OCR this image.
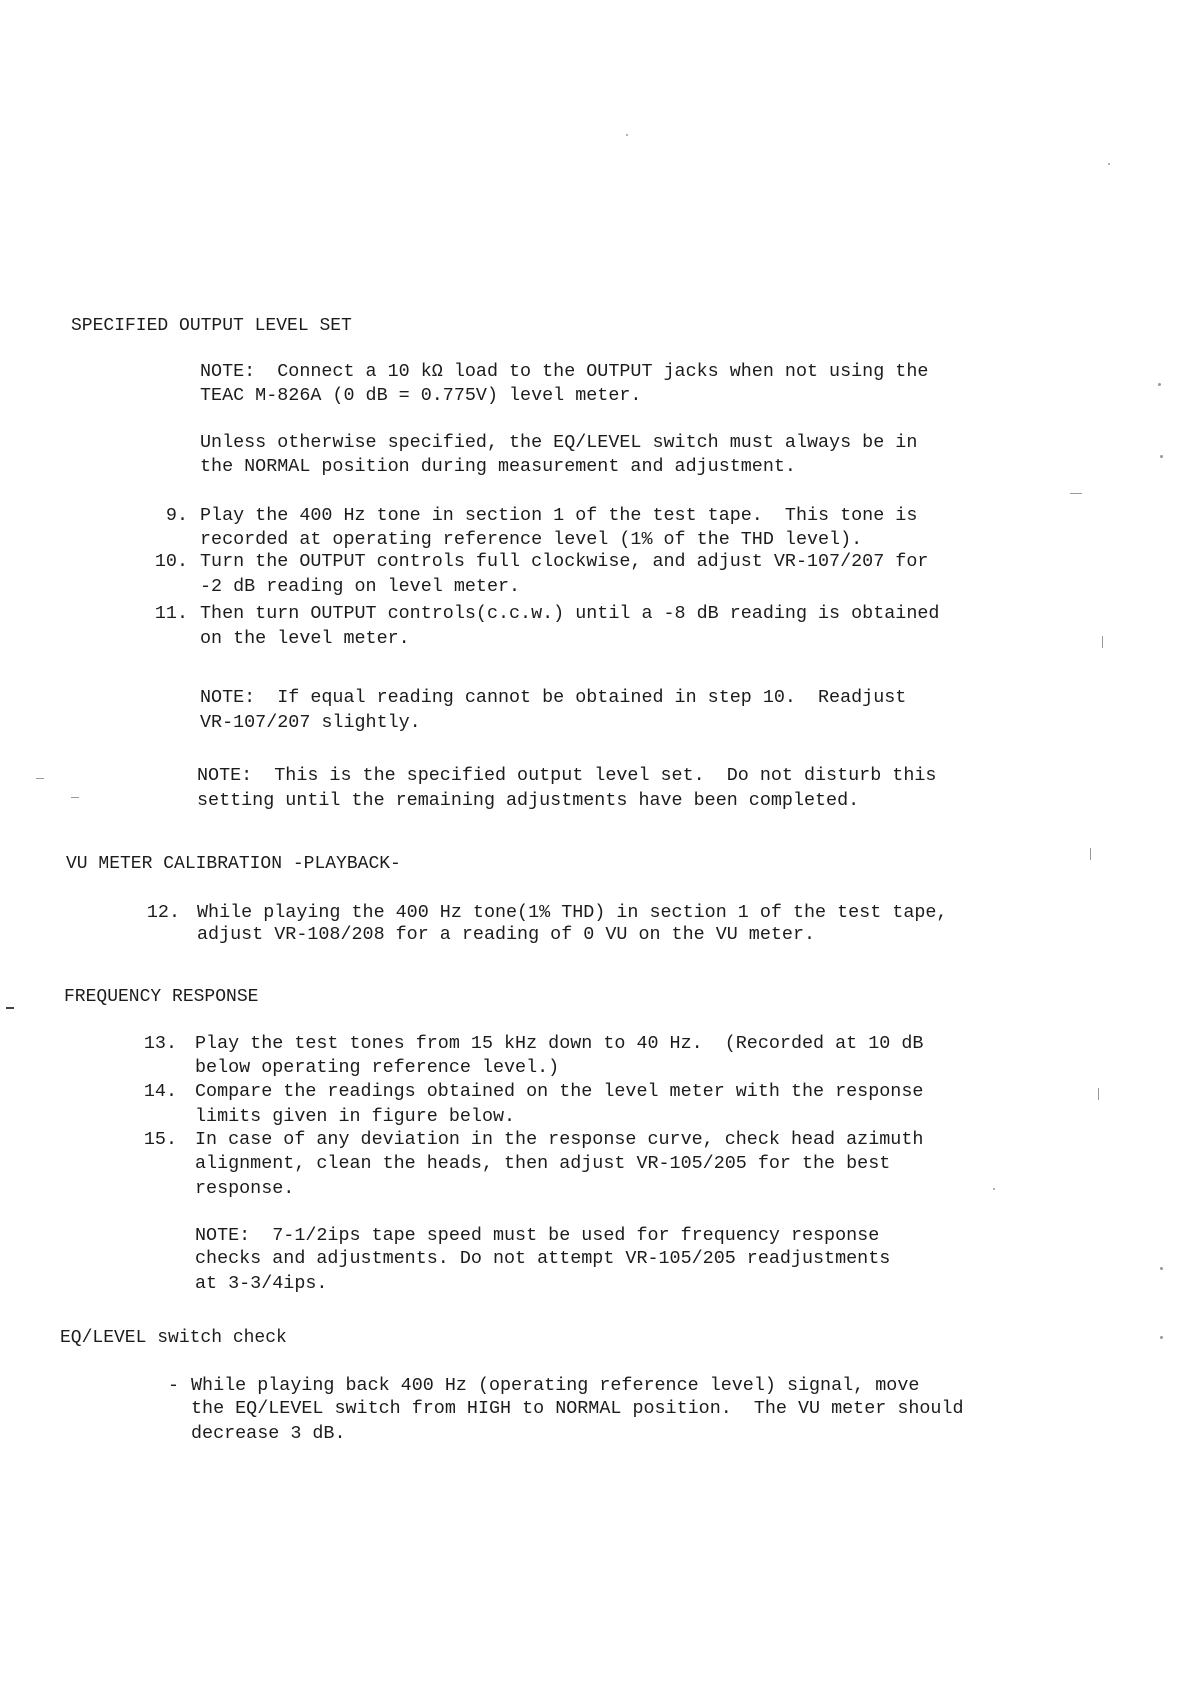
SPECIFIED OUTPUT LEVEL SET

NOTE:  Connect a 10 kΩ load to the OUTPUT jacks when not using the

TEAC M-826A (0 dB = 0.775V) level meter.

Unless otherwise specified, the EQ/LEVEL switch must always be in

the NORMAL position during measurement and adjustment.

9. Play the 400 Hz tone in section 1 of the test tape.  This tone is

recorded at operating reference level (1% of the THD level).

10. Turn the OUTPUT controls full clockwise, and adjust VR-107/207 for

-2 dB reading on level meter.

11. Then turn OUTPUT controls(c.c.w.) until a -8 dB reading is obtained

on the level meter.

NOTE:  If equal reading cannot be obtained in step 10.  Readjust

VR-107/207 slightly.

NOTE:  This is the specified output level set.  Do not disturb this

setting until the remaining adjustments have been completed.

VU METER CALIBRATION -PLAYBACK-

12. While playing the 400 Hz tone(1% THD) in section 1 of the test tape,

adjust VR-108/208 for a reading of 0 VU on the VU meter.

FREQUENCY RESPONSE

13. Play the test tones from 15 kHz down to 40 Hz.  (Recorded at 10 dB

below operating reference level.)

14. Compare the readings obtained on the level meter with the response

limits given in figure below.

15. In case of any deviation in the response curve, check head azimuth

alignment, clean the heads, then adjust VR-105/205 for the best

response.

NOTE:  7-1/2ips tape speed must be used for frequency response

checks and adjustments. Do not attempt VR-105/205 readjustments

at 3-3/4ips.

EQ/LEVEL switch check

- While playing back 400 Hz (operating reference level) signal, move

the EQ/LEVEL switch from HIGH to NORMAL position.  The VU meter should

decrease 3 dB.
